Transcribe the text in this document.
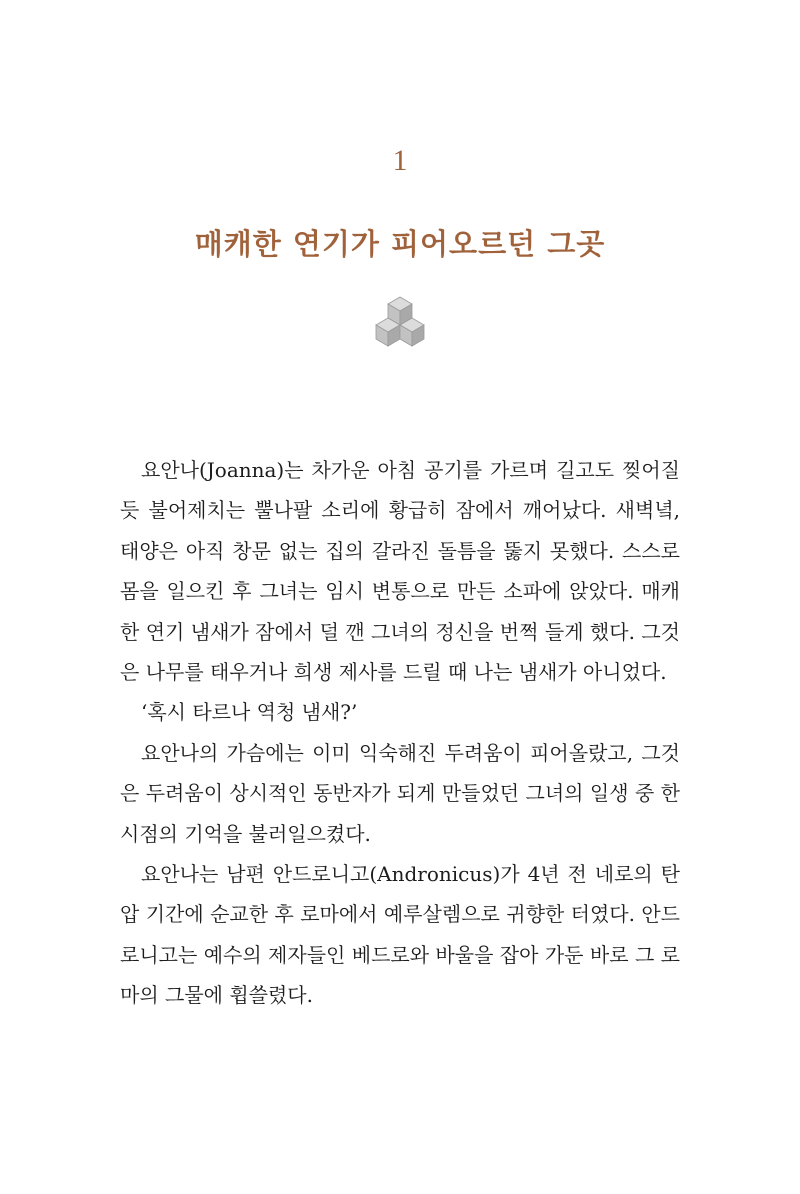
1
매캐한 연기가 피어오르던 그곳

요안나(Joanna)는 차가운 아침 공기를 가르며 길고도 찢어질 듯 불어제치는 뿔나팔 소리에 황급히 잠에서 깨어났다. 새벽녘, 태양은 아직 창문 없는 집의 갈라진 돌틈을 뚫지 못했다. 스스로 몸을 일으킨 후 그녀는 임시 변통으로 만든 소파에 앉았다. 매캐한 연기 냄새가 잠에서 덜 깬 그녀의 정신을 번쩍 들게 했다. 그것은 나무를 태우거나 희생 제사를 드릴 때 나는 냄새가 아니었다.

‘혹시 타르나 역청 냄새?’

요안나의 가슴에는 이미 익숙해진 두려움이 피어올랐고, 그것은 두려움이 상시적인 동반자가 되게 만들었던 그녀의 일생 중 한 시점의 기억을 불러일으켰다.

요안나는 남편 안드로니고(Andronicus)가 4년 전 네로의 탄압 기간에 순교한 후 로마에서 예루살렘으로 귀향한 터였다. 안드로니고는 예수의 제자들인 베드로와 바울을 잡아 가둔 바로 그 로마의 그물에 휩쓸렸다.
